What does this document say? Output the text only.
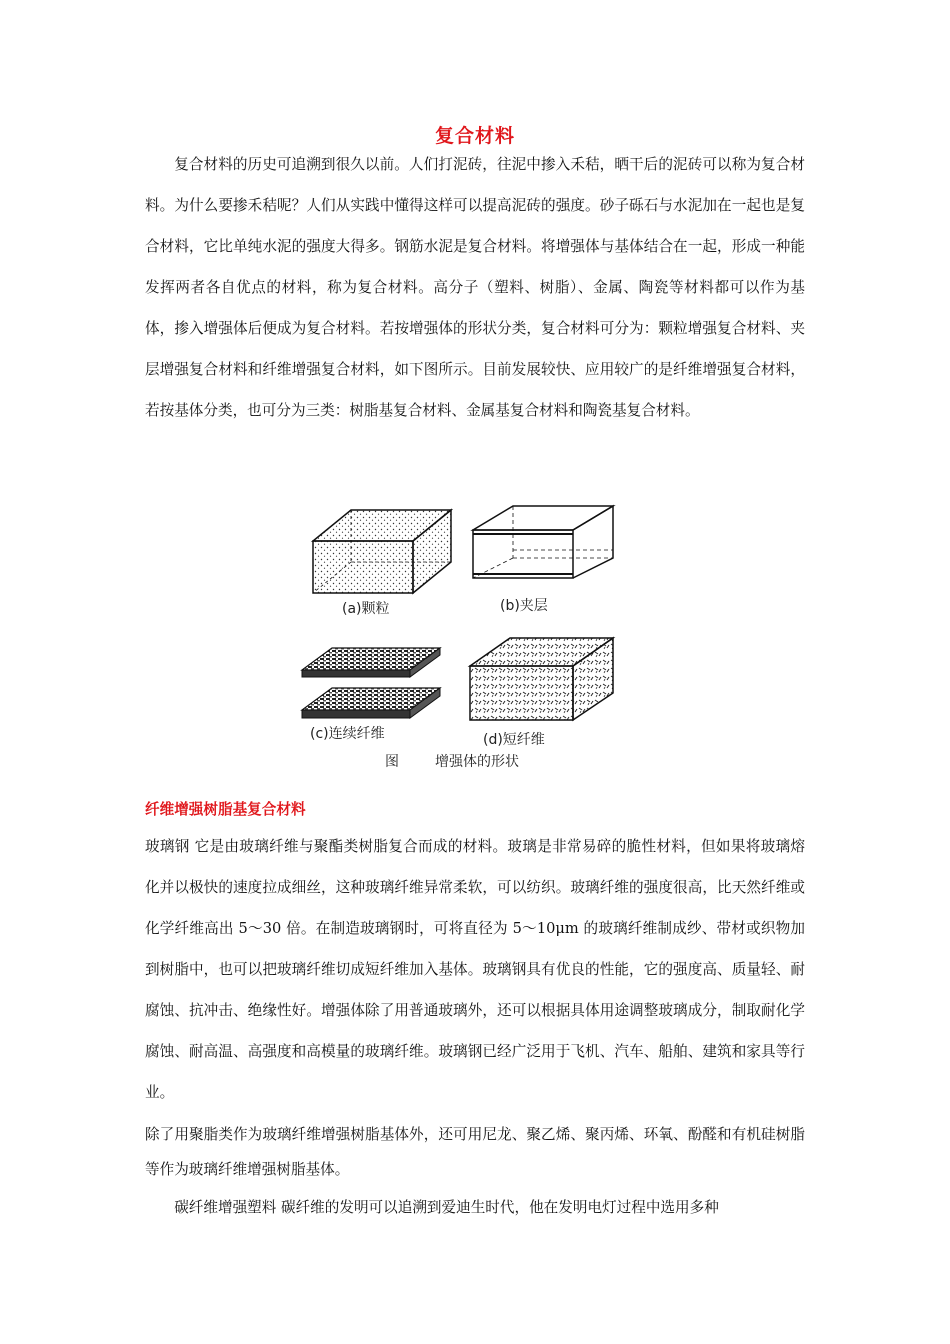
复合材料

复合材料的历史可追溯到很久以前。人们打泥砖，往泥中掺入禾秸，晒干后的泥砖可以称为复合材料。为什么要掺禾秸呢？人们从实践中懂得这样可以提高泥砖的强度。砂子砾石与水泥加在一起也是复合材料，它比单纯水泥的强度大得多。钢筋水泥是复合材料。将增强体与基体结合在一起，形成一种能发挥两者各自优点的材料，称为复合材料。高分子（塑料、树脂）、金属、陶瓷等材料都可以作为基体，掺入增强体后便成为复合材料。若按增强体的形状分类，复合材料可分为：颗粒增强复合材料、夹层增强复合材料和纤维增强复合材料，如下图所示。目前发展较快、应用较广的是纤维增强复合材料，若按基体分类，也可分为三类：树脂基复合材料、金属基复合材料和陶瓷基复合材料。

(a)颗粒	(b)夹层
(c)连续纤维	(d)短纤维
图	增强体的形状
纤维增强树脂基复合材料

玻璃钢 它是由玻璃纤维与聚酯类树脂复合而成的材料。玻璃是非常易碎的脆性材料，但如果将玻璃熔化并以极快的速度拉成细丝，这种玻璃纤维异常柔软，可以纺织。玻璃纤维的强度很高，比天然纤维或化学纤维高出 5～30 倍。在制造玻璃钢时，可将直径为 5～10μm 的玻璃纤维制成纱、带材或织物加到树脂中，也可以把玻璃纤维切成短纤维加入基体。玻璃钢具有优良的性能，它的强度高、质量轻、耐腐蚀、抗冲击、绝缘性好。增强体除了用普通玻璃外，还可以根据具体用途调整玻璃成分，制取耐化学腐蚀、耐高温、高强度和高模量的玻璃纤维。玻璃钢已经广泛用于飞机、汽车、船舶、建筑和家具等行业。

除了用聚脂类作为玻璃纤维增强树脂基体外，还可用尼龙、聚乙烯、聚丙烯、环氧、酚醛和有机硅树脂等作为玻璃纤维增强树脂基体。

碳纤维增强塑料 碳纤维的发明可以追溯到爱迪生时代，他在发明电灯过程中选用多种
